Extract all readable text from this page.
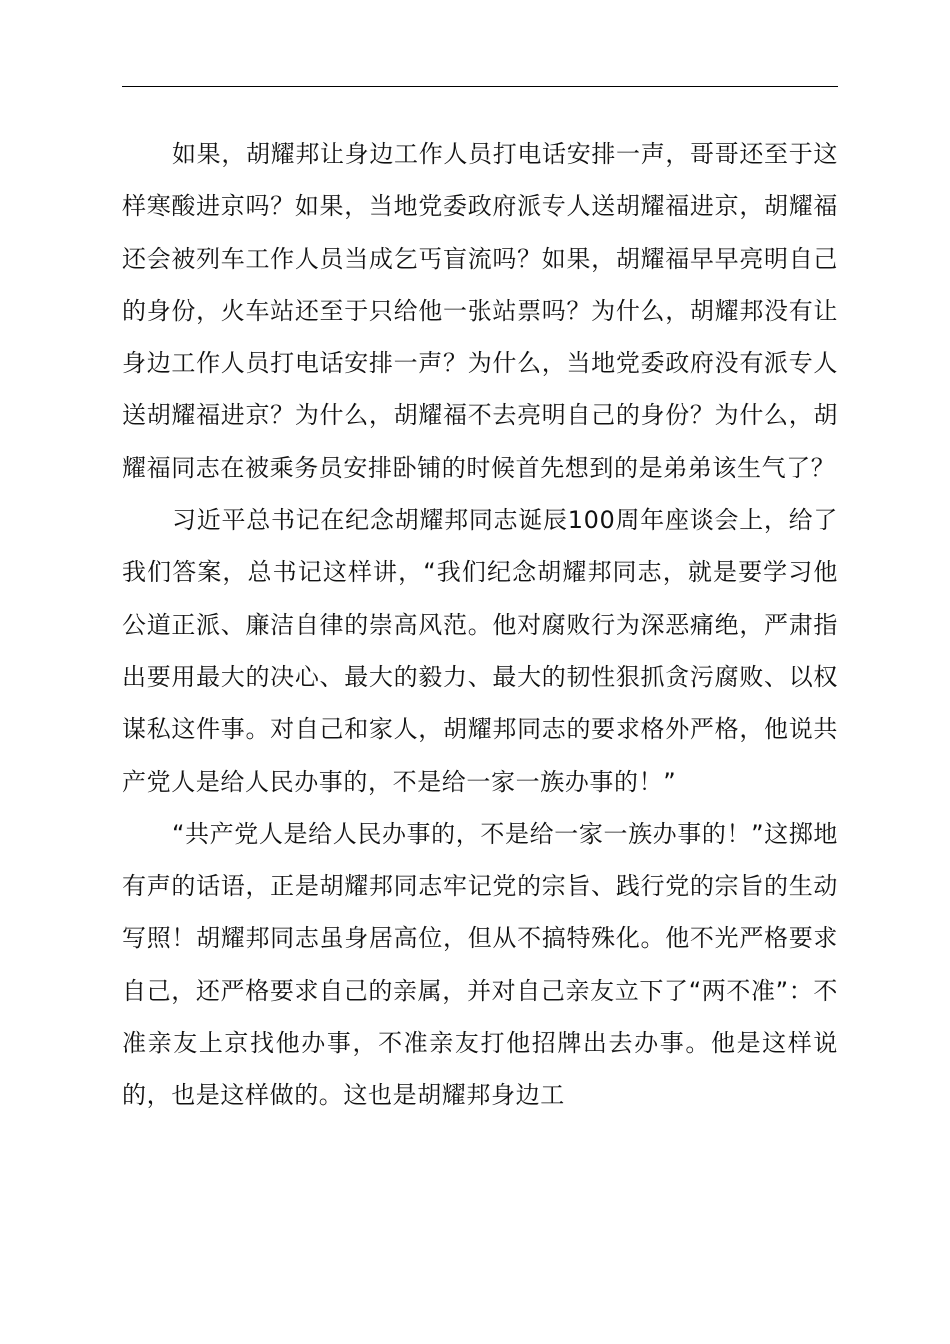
如果，胡耀邦让身边工作人员打电话安排一声，哥哥还至于这样寒酸进京吗？如果，当地党委政府派专人送胡耀福进京，胡耀福还会被列车工作人员当成乞丐盲流吗？如果，胡耀福早早亮明自己的身份，火车站还至于只给他一张站票吗？为什么，胡耀邦没有让身边工作人员打电话安排一声？为什么，当地党委政府没有派专人送胡耀福进京？为什么，胡耀福不去亮明自己的身份？为什么，胡耀福同志在被乘务员安排卧铺的时候首先想到的是弟弟该生气了？

习近平总书记在纪念胡耀邦同志诞辰100周年座谈会上，给了我们答案，总书记这样讲，“我们纪念胡耀邦同志，就是要学习他公道正派、廉洁自律的崇高风范。他对腐败行为深恶痛绝，严肃指出要用最大的决心、最大的毅力、最大的韧性狠抓贪污腐败、以权谋私这件事。对自己和家人，胡耀邦同志的要求格外严格，他说共产党人是给人民办事的，不是给一家一族办事的！”

“共产党人是给人民办事的，不是给一家一族办事的！”这掷地有声的话语，正是胡耀邦同志牢记党的宗旨、践行党的宗旨的生动写照！胡耀邦同志虽身居高位，但从不搞特殊化。他不光严格要求自己，还严格要求自己的亲属，并对自己亲友立下了“两不准”：不准亲友上京找他办事，不准亲友打他招牌出去办事。他是这样说的，也是这样做的。这也是胡耀邦身边工
